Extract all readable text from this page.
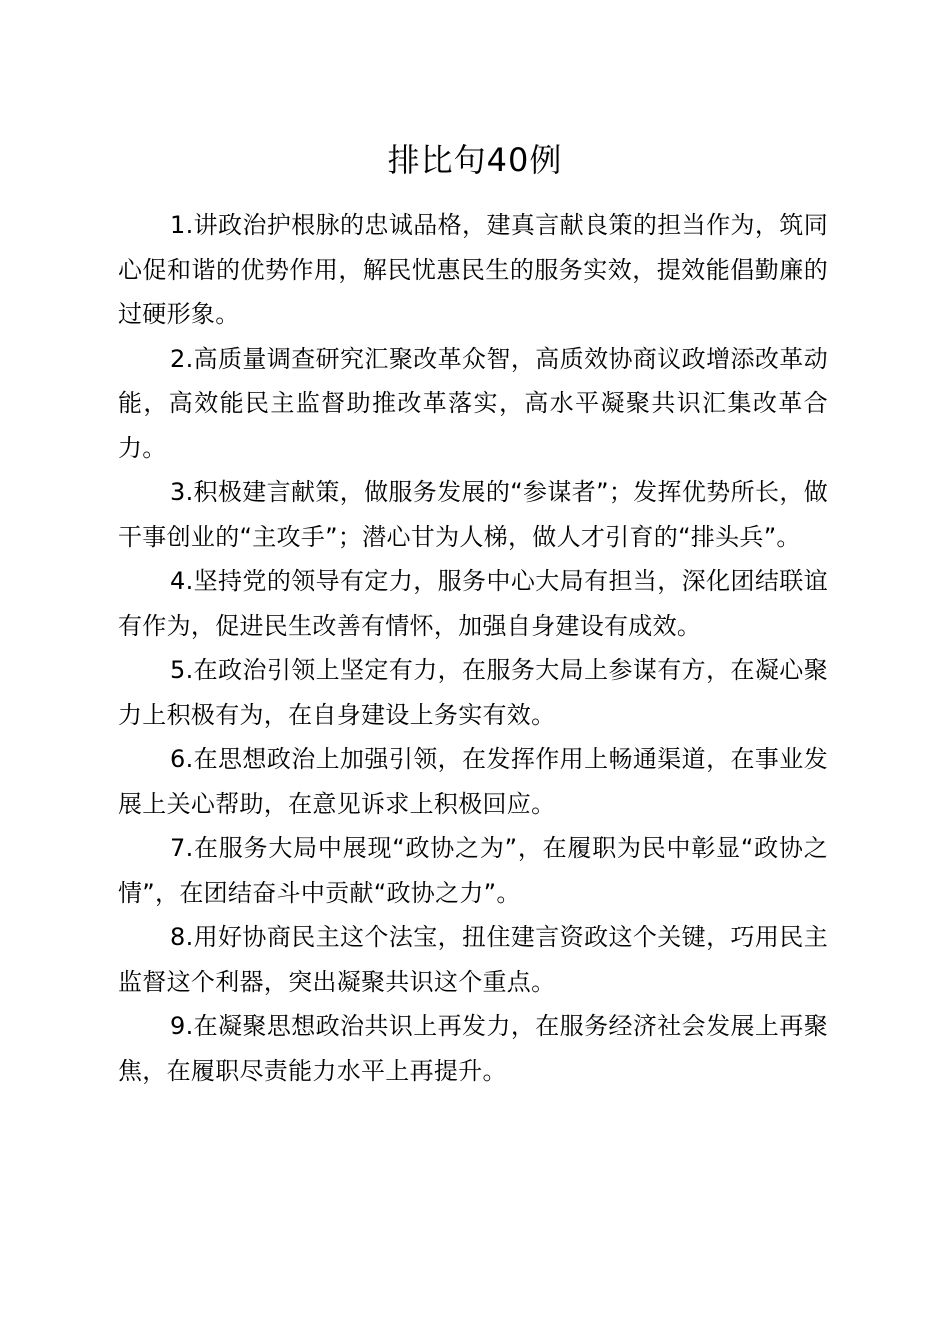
排比句40例

1.讲政治护根脉的忠诚品格，建真言献良策的担当作为，筑同心促和谐的优势作用，解民忧惠民生的服务实效，提效能倡勤廉的过硬形象。

2.高质量调查研究汇聚改革众智，高质效协商议政增添改革动能，高效能民主监督助推改革落实，高水平凝聚共识汇集改革合力。

3.积极建言献策，做服务发展的“参谋者”；发挥优势所长，做干事创业的“主攻手”；潜心甘为人梯，做人才引育的“排头兵”。

4.坚持党的领导有定力，服务中心大局有担当，深化团结联谊有作为，促进民生改善有情怀，加强自身建设有成效。

5.在政治引领上坚定有力，在服务大局上参谋有方，在凝心聚力上积极有为，在自身建设上务实有效。

6.在思想政治上加强引领，在发挥作用上畅通渠道，在事业发展上关心帮助，在意见诉求上积极回应。

7.在服务大局中展现“政协之为”，在履职为民中彰显“政协之情”，在团结奋斗中贡献“政协之力”。

8.用好协商民主这个法宝，扭住建言资政这个关键，巧用民主监督这个利器，突出凝聚共识这个重点。

9.在凝聚思想政治共识上再发力，在服务经济社会发展上再聚焦，在履职尽责能力水平上再提升。
